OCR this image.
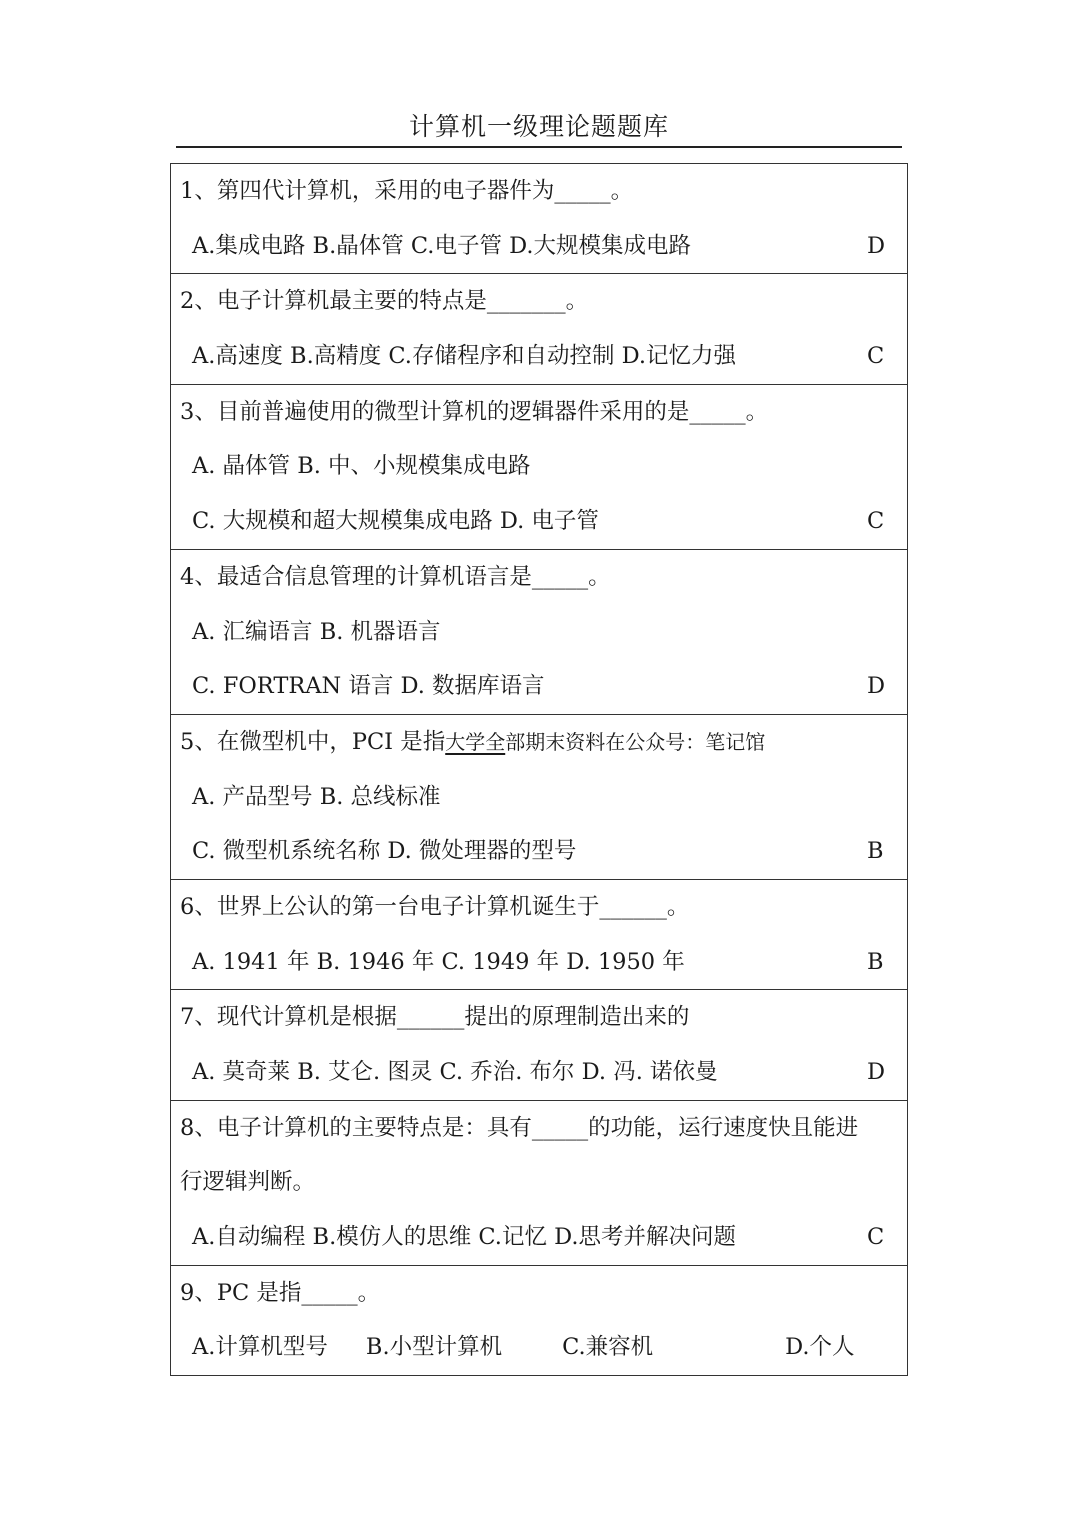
计算机一级理论题题库
1、第四代计算机，采用的电子器件为_____。
A.集成电路 B.晶体管 C.电子管 D.大规模集成电路	D
2、电子计算机最主要的特点是_______。
A.高速度 B.高精度 C.存储程序和自动控制 D.记忆力强	C
3、目前普遍使用的微型计算机的逻辑器件采用的是_____。
A. 晶体管 B. 中、小规模集成电路
C. 大规模和超大规模集成电路 D. 电子管	C
4、最适合信息管理的计算机语言是_____。
A. 汇编语言 B. 机器语言
C. FORTRAN 语言 D. 数据库语言	D
5、在微型机中，PCI 是指大学全部期末资料在公众号：笔记馆
A. 产品型号 B. 总线标准
C. 微型机系统名称 D. 微处理器的型号	B
6、世界上公认的第一台电子计算机诞生于______。
A. 1941 年 B. 1946 年 C. 1949 年 D. 1950 年	B
7、现代计算机是根据______提出的原理制造出来的
A. 莫奇莱 B. 艾仑. 图灵 C. 乔治. 布尔 D. 冯. 诺依曼	D
8、电子计算机的主要特点是：具有_____的功能，运行速度快且能进
行逻辑判断。
A.自动编程 B.模仿人的思维 C.记忆 D.思考并解决问题	C
9、PC 是指_____。
A.计算机型号 B.小型计算机	C.兼容机	D.个人
